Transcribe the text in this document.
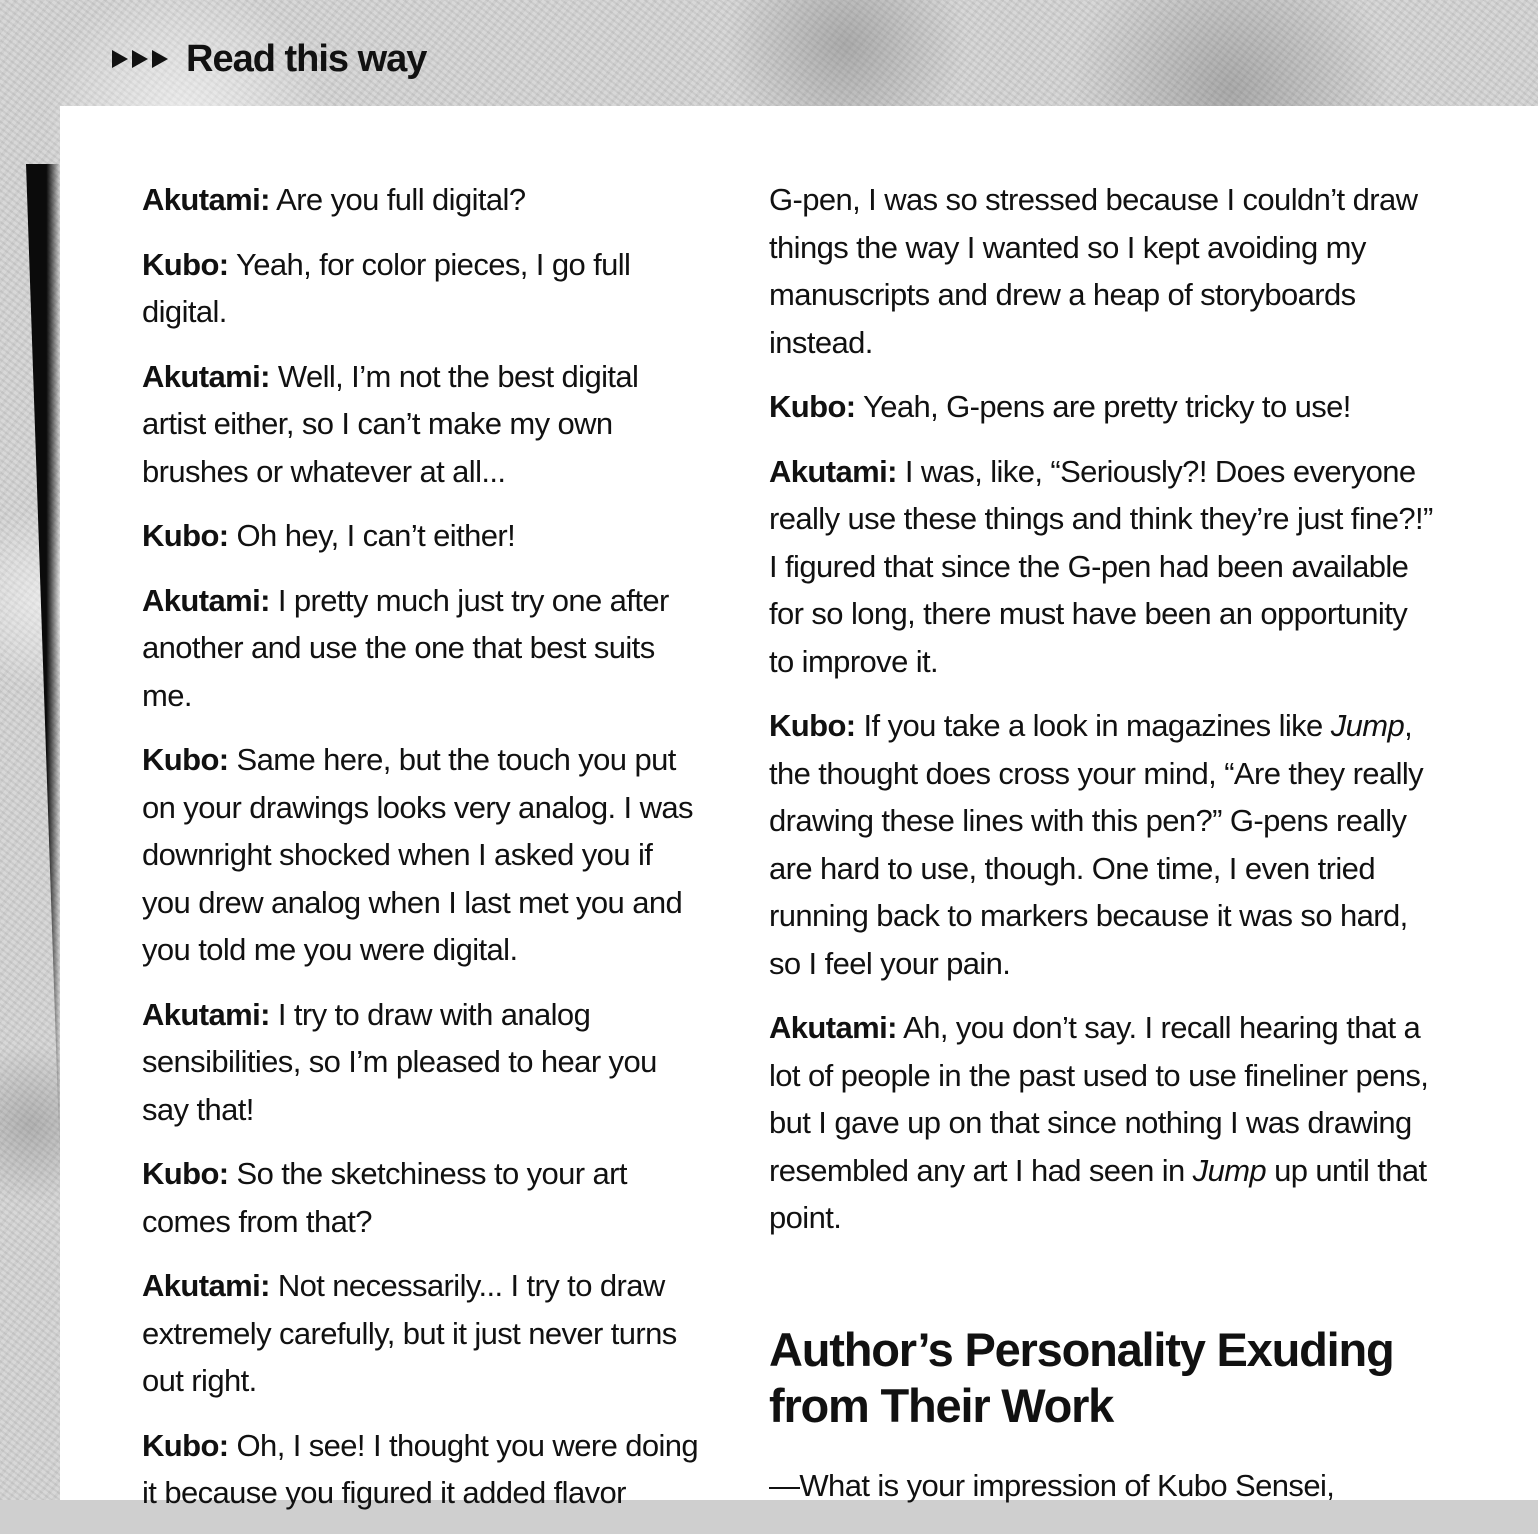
Read this way

Akutami: Are you full digital?

Kubo: Yeah, for color pieces, I go full digital.

Akutami: Well, I’m not the best digital artist either, so I can’t make my own brushes or whatever at all...

Kubo: Oh hey, I can’t either!

Akutami: I pretty much just try one after another and use the one that best suits me.

Kubo: Same here, but the touch you put on your drawings looks very analog. I was downright shocked when I asked you if you drew analog when I last met you and you told me you were digital.

Akutami: I try to draw with analog sensibilities, so I’m pleased to hear you say that!

Kubo: So the sketchiness to your art comes from that?

Akutami: Not necessarily... I try to draw extremely carefully, but it just never turns out right.

Kubo: Oh, I see! I thought you were doing it because you figured it added flavor

G-pen, I was so stressed because I couldn’t draw things the way I wanted so I kept avoiding my manuscripts and drew a heap of storyboards instead.

Kubo: Yeah, G-pens are pretty tricky to use!

Akutami: I was, like, “Seriously?! Does everyone really use these things and think they’re just fine?!” I figured that since the G-pen had been available for so long, there must have been an opportunity to improve it.

Kubo: If you take a look in magazines like Jump, the thought does cross your mind, “Are they really drawing these lines with this pen?” G-pens really are hard to use, though. One time, I even tried running back to markers because it was so hard, so I feel your pain.

Akutami: Ah, you don’t say. I recall hearing that a lot of people in the past used to use fineliner pens, but I gave up on that since nothing I was drawing resembled any art I had seen in Jump up until that point.

Author’s Personality Exuding from Their Work

—What is your impression of Kubo Sensei,
